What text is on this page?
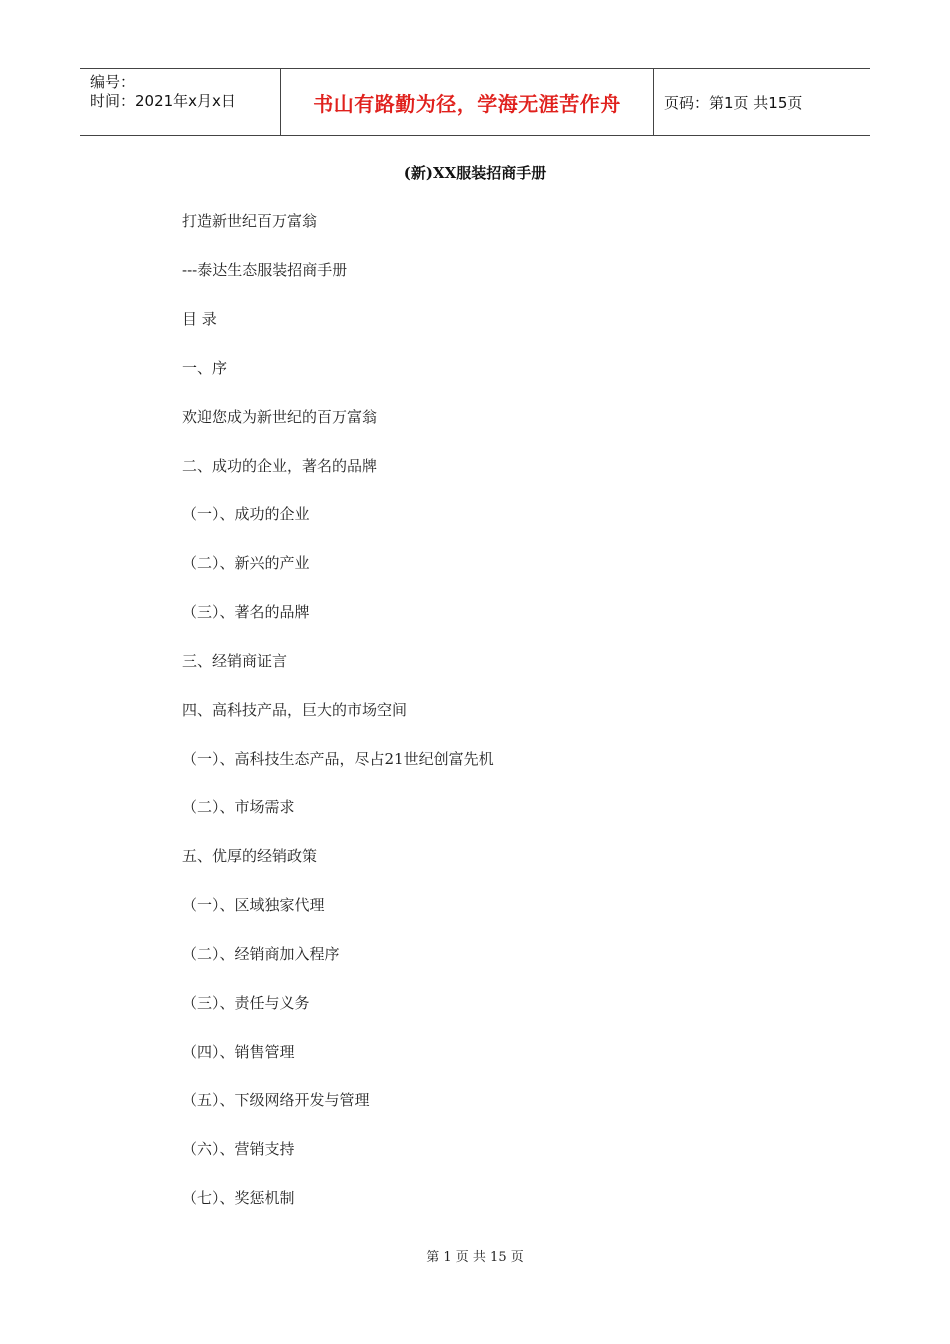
编号：
时间：2021年x月x日	书山有路勤为径，学海无涯苦作舟	页码：第1页 共15页
(新)XX服装招商手册
打造新世纪百万富翁
---泰达生态服装招商手册
目 录
一、序
欢迎您成为新世纪的百万富翁
二、成功的企业，著名的品牌
（一）、成功的企业
（二）、新兴的产业
（三）、著名的品牌
三、经销商证言
四、高科技产品，巨大的市场空间
（一）、高科技生态产品，尽占21世纪创富先机
（二）、市场需求
五、优厚的经销政策
（一）、区域独家代理
（二）、经销商加入程序
（三）、责任与义务
（四）、销售管理
（五）、下级网络开发与管理
（六）、营销支持
（七）、奖惩机制
第 1 页 共 15 页
